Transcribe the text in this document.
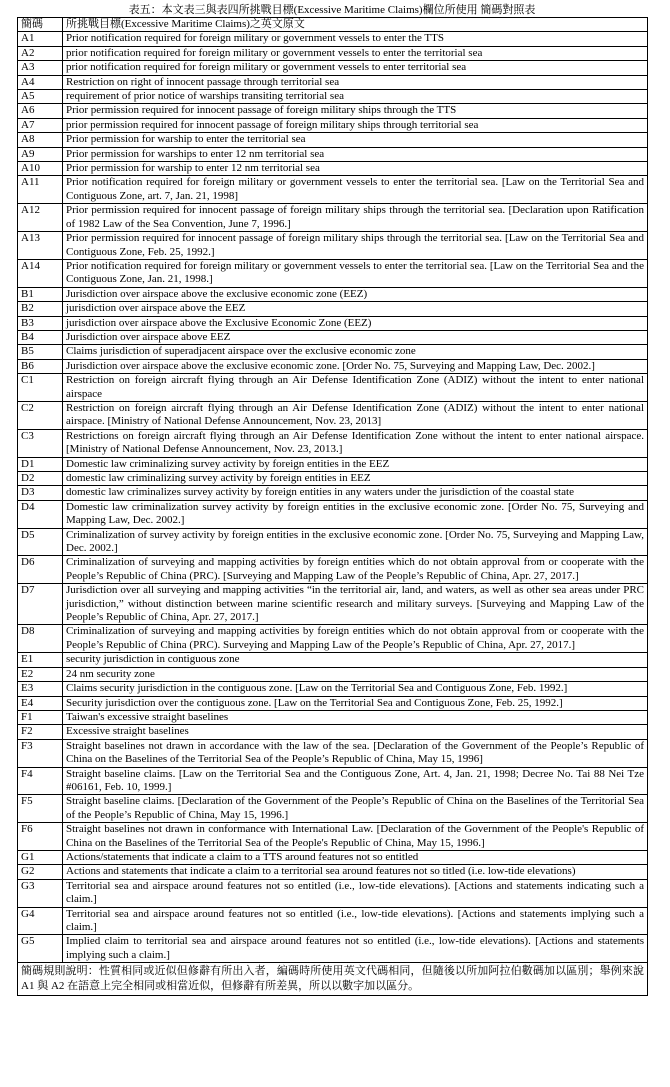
表五：本文表三與表四所挑戰目標(Excessive Maritime Claims)欄位所使用 簡碼對照表
簡碼	所挑戰目標(Excessive Maritime Claims)之英文原文
A1	Prior notification required for foreign military or government vessels to enter the TTS
A2	prior notification required for foreign military or government vessels to enter the territorial sea
A3	prior notification required for foreign military or government vessels to enter territorial sea
A4	Restriction on right of innocent passage through territorial sea
A5	requirement of prior notice of warships transiting territorial sea
A6	Prior permission required for innocent passage of foreign military ships through the TTS
A7	prior permission required for innocent passage of foreign military ships through territorial sea
A8	Prior permission for warship to enter the territorial sea
A9	Prior permission for warships to enter 12 nm territorial sea
A10	Prior permission for warship to enter 12 nm territorial sea
A11	Prior notification required for foreign military or government vessels to enter the territorial sea. [Law on the Territorial Sea and Contiguous Zone, art. 7, Jan. 21, 1998]
A12	Prior permission required for innocent passage of foreign military ships through the territorial sea. [Declaration upon Ratification of 1982 Law of the Sea Convention, June 7, 1996.]
A13	Prior permission required for innocent passage of foreign military ships through the territorial sea. [Law on the Territorial Sea and Contiguous Zone, Feb. 25, 1992.]
A14	Prior notification required for foreign military or government vessels to enter the territorial sea. [Law on the Territorial Sea and the Contiguous Zone, Jan. 21, 1998.]
B1	Jurisdiction over airspace above the exclusive economic zone (EEZ)
B2	jurisdiction over airspace above the EEZ
B3	jurisdiction over airspace above the Exclusive Economic Zone (EEZ)
B4	Jurisdiction over airspace above EEZ
B5	Claims jurisdiction of superadjacent airspace over the exclusive economic zone
B6	Jurisdiction over airspace above the exclusive economic zone. [Order No. 75, Surveying and Mapping Law, Dec. 2002.]
C1	Restriction on foreign aircraft flying through an Air Defense Identification Zone (ADIZ) without the intent to enter national airspace
C2	Restriction on foreign aircraft flying through an Air Defense Identification Zone (ADIZ) without the intent to enter national airspace. [Ministry of National Defense Announcement, Nov. 23, 2013]
C3	Restrictions on foreign aircraft flying through an Air Defense Identification Zone without the intent to enter national airspace. [Ministry of National Defense Announcement, Nov. 23, 2013.]
D1	Domestic law criminalizing survey activity by foreign entities in the EEZ
D2	domestic law criminalizing survey activity by foreign entities in EEZ
D3	domestic law criminalizes survey activity by foreign entities in any waters under the jurisdiction of the coastal state
D4	Domestic law criminalization survey activity by foreign entities in the exclusive economic zone. [Order No. 75, Surveying and Mapping Law, Dec. 2002.]
D5	Criminalization of survey activity by foreign entities in the exclusive economic zone. [Order No. 75, Surveying and Mapping Law, Dec. 2002.]
D6	Criminalization of surveying and mapping activities by foreign entities which do not obtain approval from or cooperate with the People’s Republic of China (PRC). [Surveying and Mapping Law of the People’s Republic of China, Apr. 27, 2017.]
D7	Jurisdiction over all surveying and mapping activities “in the territorial air, land, and waters, as well as other sea areas under PRC jurisdiction,” without distinction between marine scientific research and military surveys. [Surveying and Mapping Law of the People’s Republic of China, Apr. 27, 2017.]
D8	Criminalization of surveying and mapping activities by foreign entities which do not obtain approval from or cooperate with the People’s Republic of China (PRC). Surveying and Mapping Law of the People’s Republic of China, Apr. 27, 2017.]
E1	security jurisdiction in contiguous zone
E2	24 nm security zone
E3	Claims security jurisdiction in the contiguous zone. [Law on the Territorial Sea and Contiguous Zone, Feb. 1992.]
E4	Security jurisdiction over the contiguous zone. [Law on the Territorial Sea and Contiguous Zone, Feb. 25, 1992.]
F1	Taiwan's excessive straight baselines
F2	Excessive straight baselines
F3	Straight baselines not drawn in accordance with the law of the sea. [Declaration of the Government of the People’s Republic of China on the Baselines of the Territorial Sea of the People’s Republic of China, May 15, 1996]
F4	Straight baseline claims. [Law on the Territorial Sea and the Contiguous Zone, Art. 4, Jan. 21, 1998; Decree No. Tai 88 Nei Tze #06161, Feb. 10, 1999.]
F5	Straight baseline claims. [Declaration of the Government of the People’s Republic of China on the Baselines of the Territorial Sea of the People’s Republic of China, May 15, 1996.]
F6	Straight baselines not drawn in conformance with International Law. [Declaration of the Government of the People's Republic of China on the Baselines of the Territorial Sea of the People's Republic of China, May 15, 1996.]
G1	Actions/statements that indicate a claim to a TTS around features not so entitled
G2	Actions and statements that indicate a claim to a territorial sea around features not so titled (i.e. low-tide elevations)
G3	Territorial sea and airspace around features not so entitled (i.e., low-tide elevations). [Actions and statements indicating such a claim.]
G4	Territorial sea and airspace around features not so entitled (i.e., low-tide elevations). [Actions and statements implying such a claim.]
G5	Implied claim to territorial sea and airspace around features not so entitled (i.e., low-tide elevations). [Actions and statements implying such a claim.]
簡碼規則說明：性質相同或近似但修辭有所出入者，編碼時所使用英文代碼相同，但隨後以所加阿拉伯數碼加以區別；舉例來說 A1 與 A2 在語意上完全相同或相當近似，但修辭有所差異，所以以數字加以區分。	
